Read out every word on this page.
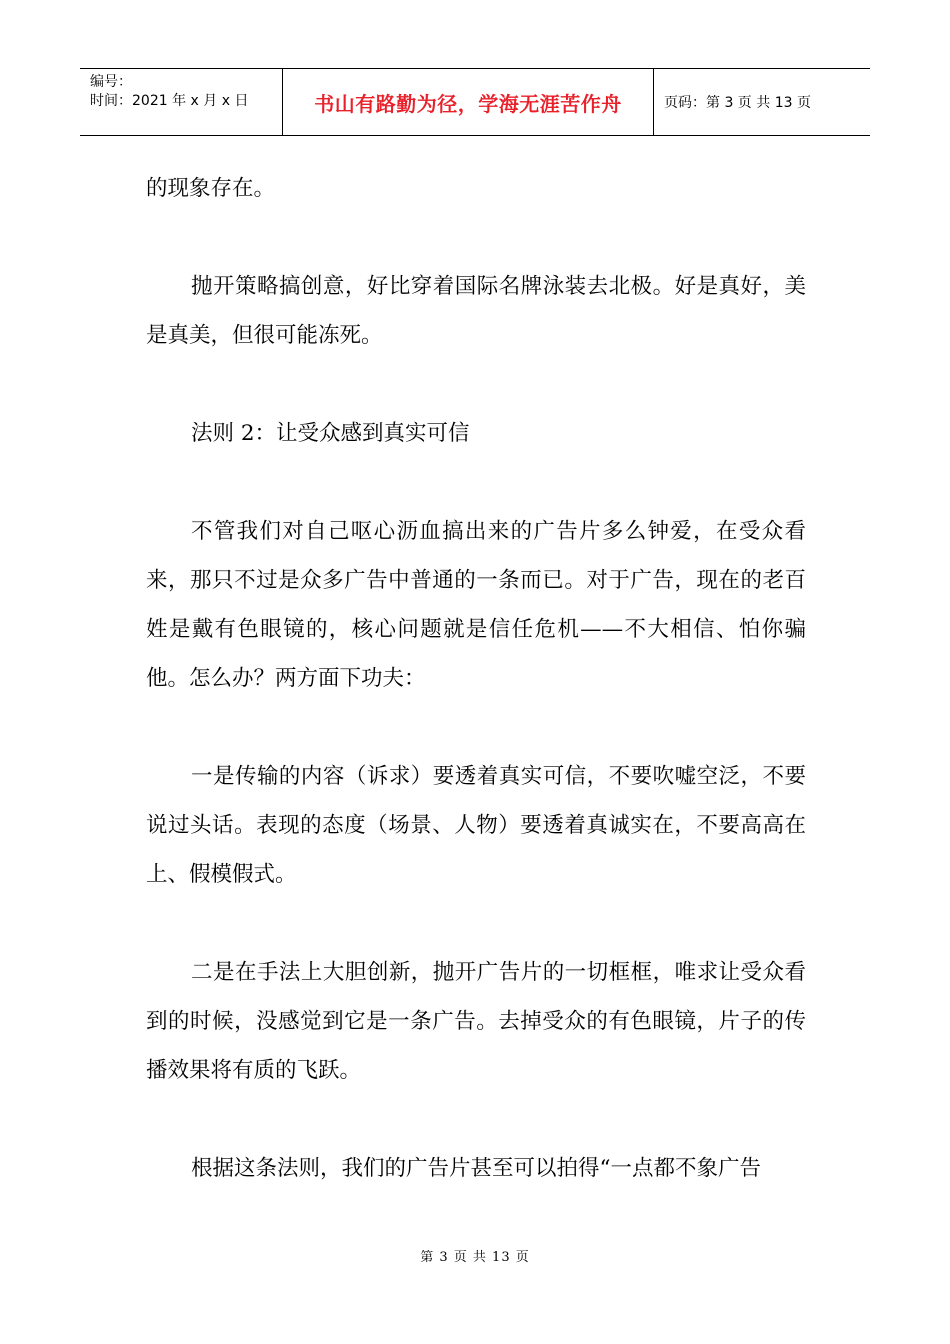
编号：
时间：2021 年 x 月 x 日	书山有路勤为径，学海无涯苦作舟	页码：第 3 页 共 13 页

的现象存在。

抛开策略搞创意，好比穿着国际名牌泳装去北极。好是真好，美是真美，但很可能冻死。

法则 2：让受众感到真实可信

不管我们对自己呕心沥血搞出来的广告片多么钟爱，在受众看来，那只不过是众多广告中普通的一条而已。对于广告，现在的老百姓是戴有色眼镜的，核心问题就是信任危机——不大相信、怕你骗他。怎么办？两方面下功夫：

一是传输的内容（诉求）要透着真实可信，不要吹嘘空泛，不要说过头话。表现的态度（场景、人物）要透着真诚实在，不要高高在上、假模假式。

二是在手法上大胆创新，抛开广告片的一切框框，唯求让受众看到的时候，没感觉到它是一条广告。去掉受众的有色眼镜，片子的传播效果将有质的飞跃。

根据这条法则，我们的广告片甚至可以拍得“一点都不象广告

第 3 页 共 13 页
